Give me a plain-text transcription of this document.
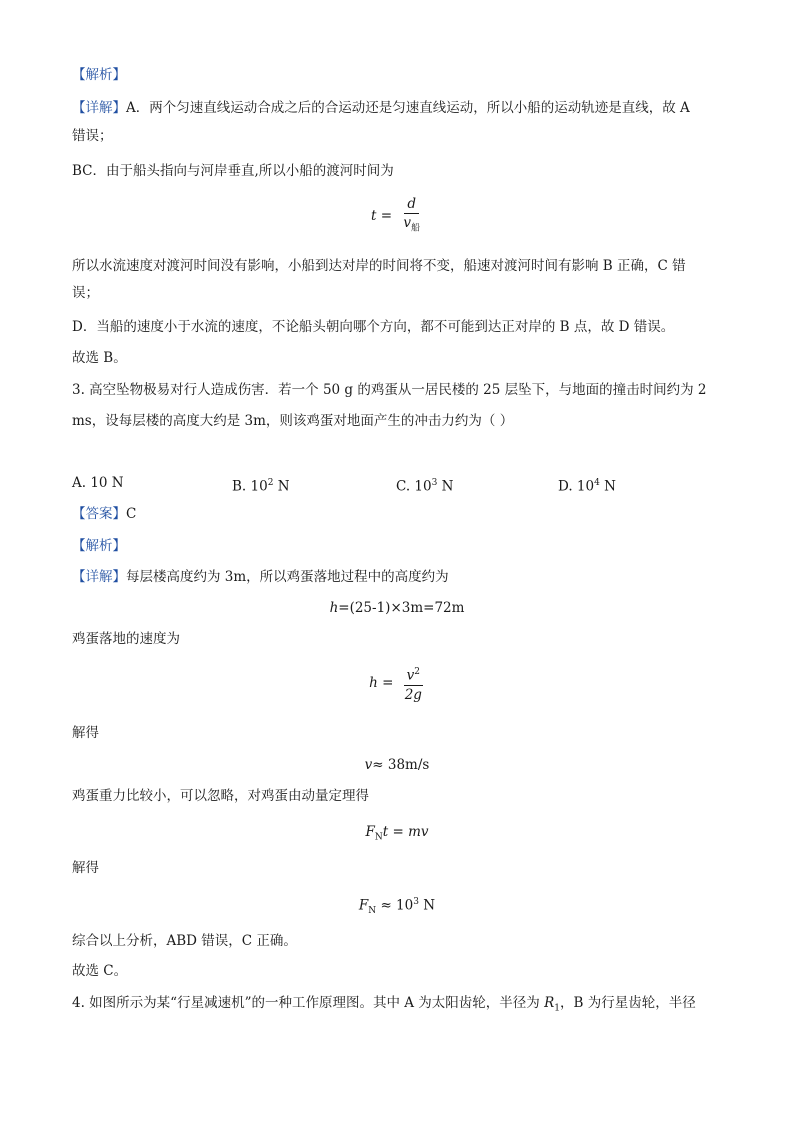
【解析】
【详解】A．两个匀速直线运动合成之后的合运动还是匀速直线运动，所以小船的运动轨迹是直线，故 A
错误；
BC．由于船头指向与河岸垂直,所以小船的渡河时间为
$t = \frac{d}{v_船}$
所以水流速度对渡河时间没有影响，小船到达对岸的时间将不变，船速对渡河时间有影响 B 正确，C 错
误；
D．当船的速度小于水流的速度，不论船头朝向哪个方向，都不可能到达正对岸的 B 点，故 D 错误。
故选 B。
3. 高空坠物极易对行人造成伤害．若一个 50 g 的鸡蛋从一居民楼的 25 层坠下，与地面的撞击时间约为 2
ms，设每层楼的高度大约是 3m，则该鸡蛋对地面产生的冲击力约为（ ）
A. 10 N	B. $10^2$ N	C. $10^3$ N	D. $10^4$ N
【答案】C
【解析】
【详解】每层楼高度约为 3m，所以鸡蛋落地过程中的高度约为
h=(25-1)×3m=72m
鸡蛋落地的速度为
$h = \frac{v^2}{2g}$
解得
v≈ 38m/s
鸡蛋重力比较小，可以忽略，对鸡蛋由动量定理得
$F_Nt$ = mv
解得
$F_N \approx 10^3$ N
综合以上分析，ABD 错误，C 正确。
故选 C。
4. 如图所示为某“行星减速机”的一种工作原理图。其中 A 为太阳齿轮，半径为 $R_1$，B 为行星齿轮，半径
